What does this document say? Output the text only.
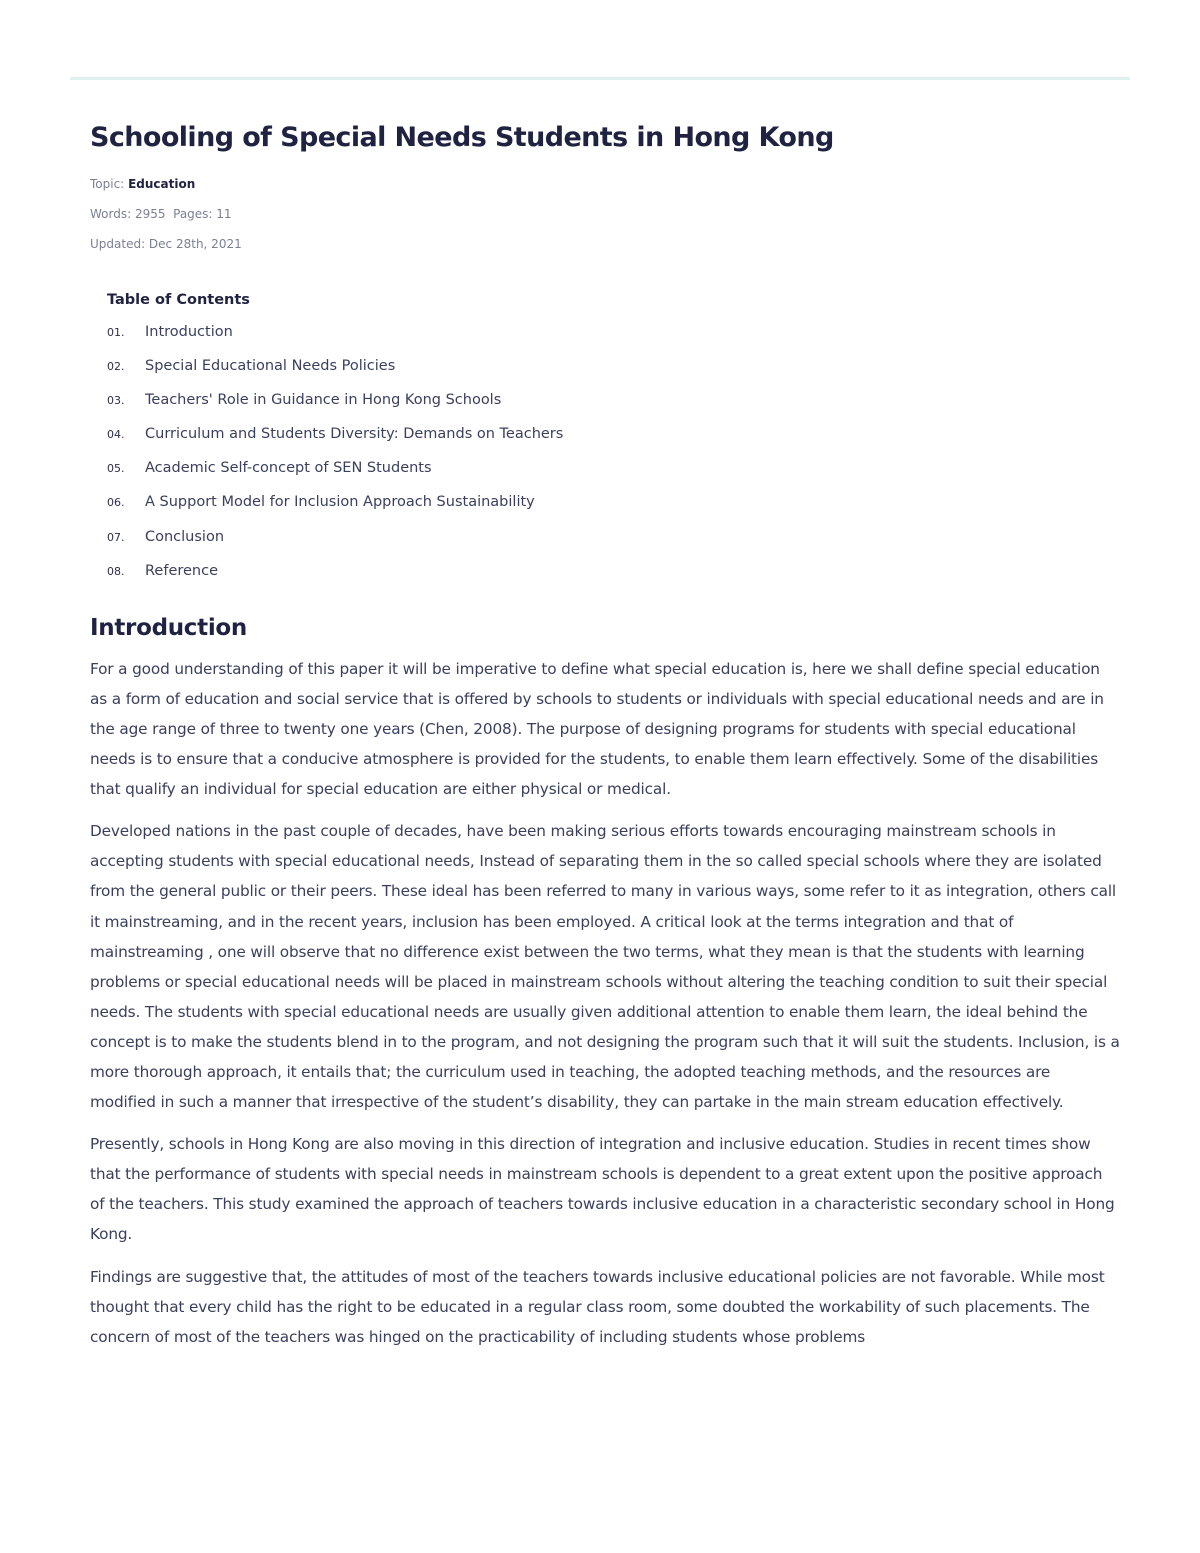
Schooling of Special Needs Students in Hong Kong
Topic: Education
Words: 2955  Pages: 11
Updated: Dec 28th, 2021
Table of Contents
01.	Introduction
02.	Special Educational Needs Policies
03.	Teachers' Role in Guidance in Hong Kong Schools
04.	Curriculum and Students Diversity: Demands on Teachers
05.	Academic Self-concept of SEN Students
06.	A Support Model for Inclusion Approach Sustainability
07.	Conclusion
08.	Reference
Introduction

For a good understanding of this paper it will be imperative to define what special education is, here we shall define special education as a form of education and social service that is offered by schools to students or individuals with special educational needs and are in the age range of three to twenty one years (Chen, 2008). The purpose of designing programs for students with special educational needs is to ensure that a conducive atmosphere is provided for the students, to enable them learn effectively. Some of the disabilities that qualify an individual for special education are either physical or medical.

Developed nations in the past couple of decades, have been making serious efforts towards encouraging mainstream schools in accepting students with special educational needs, Instead of separating them in the so called special schools where they are isolated from the general public or their peers. These ideal has been referred to many in various ways, some refer to it as integration, others call it mainstreaming, and in the recent years, inclusion has been employed. A critical look at the terms integration and that of mainstreaming , one will observe that no difference exist between the two terms, what they mean is that the students with learning problems or special educational needs will be placed in mainstream schools without altering the teaching condition to suit their special needs. The students with special educational needs are usually given additional attention to enable them learn, the ideal behind the concept is to make the students blend in to the program, and not designing the program such that it will suit the students. Inclusion, is a more thorough approach, it entails that; the curriculum used in teaching, the adopted teaching methods, and the resources are modified in such a manner that irrespective of the student’s disability, they can partake in the main stream education effectively.

Presently, schools in Hong Kong are also moving in this direction of integration and inclusive education. Studies in recent times show that the performance of students with special needs in mainstream schools is dependent to a great extent upon the positive approach of the teachers. This study examined the approach of teachers towards inclusive education in a characteristic secondary school in Hong Kong.

Findings are suggestive that, the attitudes of most of the teachers towards inclusive educational policies are not favorable. While most thought that every child has the right to be educated in a regular class room, some doubted the workability of such placements. The concern of most of the teachers was hinged on the practicability of including students whose problems
